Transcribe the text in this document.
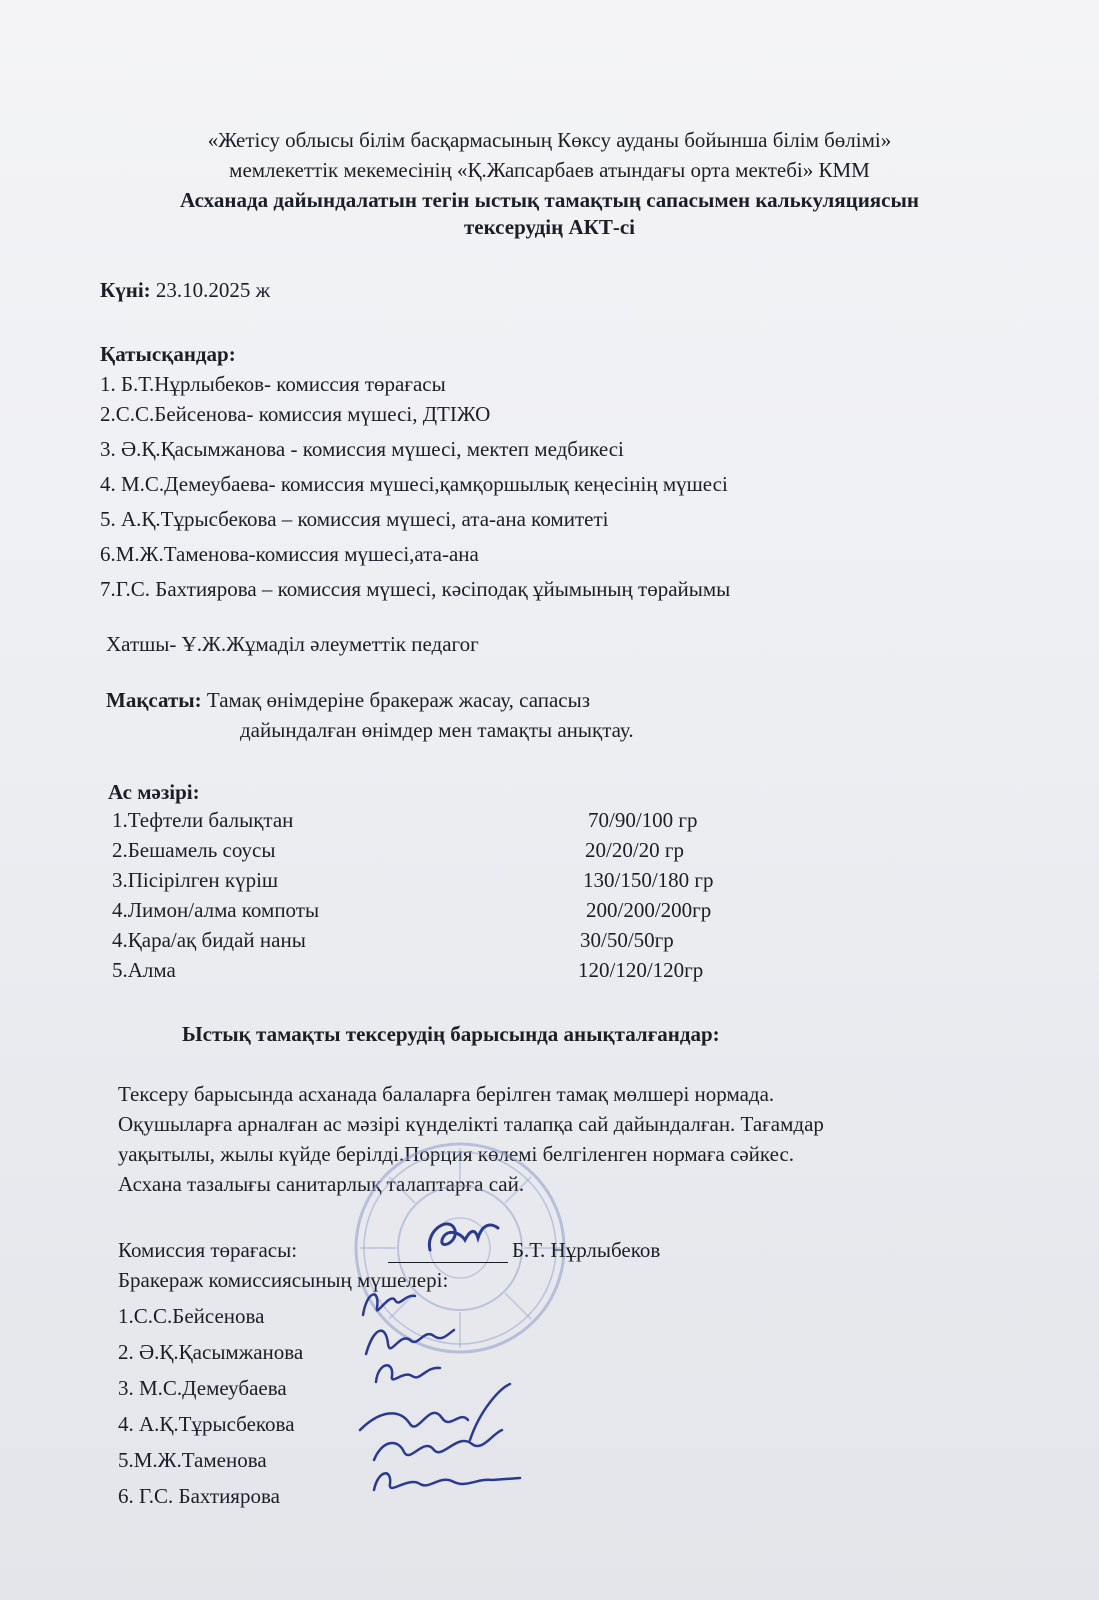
«Жетісу облысы білім басқармасының Көксу ауданы бойынша білім бөлімі»
мемлекеттік мекемесінің «Қ.Жапсарбаев атындағы орта мектебі» КММ
Асханада дайындалатын тегін ыстық тамақтың сапасымен калькуляциясын
тексерудің АКТ-сі
Күні: 23.10.2025 ж
Қатысқандар:
1. Б.Т.Нұрлыбеков- комиссия төрағасы
2.С.С.Бейсенова- комиссия мүшесі, ДТІЖО
3. Ә.Қ.Қасымжанова - комиссия мүшесі, мектеп медбикесі
4. М.С.Демеубаева- комиссия мүшесі,қамқоршылық кеңесінің мүшесі
5. А.Қ.Тұрысбекова – комиссия мүшесі, ата-ана комитеті
6.М.Ж.Таменова-комиссия мүшесі,ата-ана
7.Г.С. Бахтиярова – комиссия мүшесі, кәсіподақ ұйымының төрайымы
Хатшы- Ұ.Ж.Жұмаділ әлеуметтік педагог
Мақсаты: Тамақ өнімдеріне бракераж жасау, сапасыз
дайындалған өнімдер мен тамақты анықтау.
Ас мәзірі:
1.Тефтели балықтан	70/90/100 гр
2.Бешамель соусы	20/20/20 гр
3.Пісірілген күріш	130/150/180 гр
4.Лимон/алма компоты	200/200/200гр
4.Қара/ақ бидай наны	30/50/50гр
5.Алма	120/120/120гр
Ыстық тамақты тексерудің барысында анықталғандар:
Тексеру барысында асханада балаларға берілген тамақ мөлшері нормада.
Оқушыларға арналған ас мәзірі күнделікті талапқа сай дайындалған. Тағамдар
уақытылы, жылы күйде берілді.Порция көлемі белгіленген нормаға сәйкес.
Асхана тазалығы санитарлық талаптарға сай.
Комиссия төрағасы:	Б.Т. Нұрлыбеков
Бракераж комиссиясының мүшелері:
1.С.С.Бейсенова
2. Ә.Қ.Қасымжанова
3. М.С.Демеубаева
4. А.Қ.Тұрысбекова
5.М.Ж.Таменова
6. Г.С. Бахтиярова
